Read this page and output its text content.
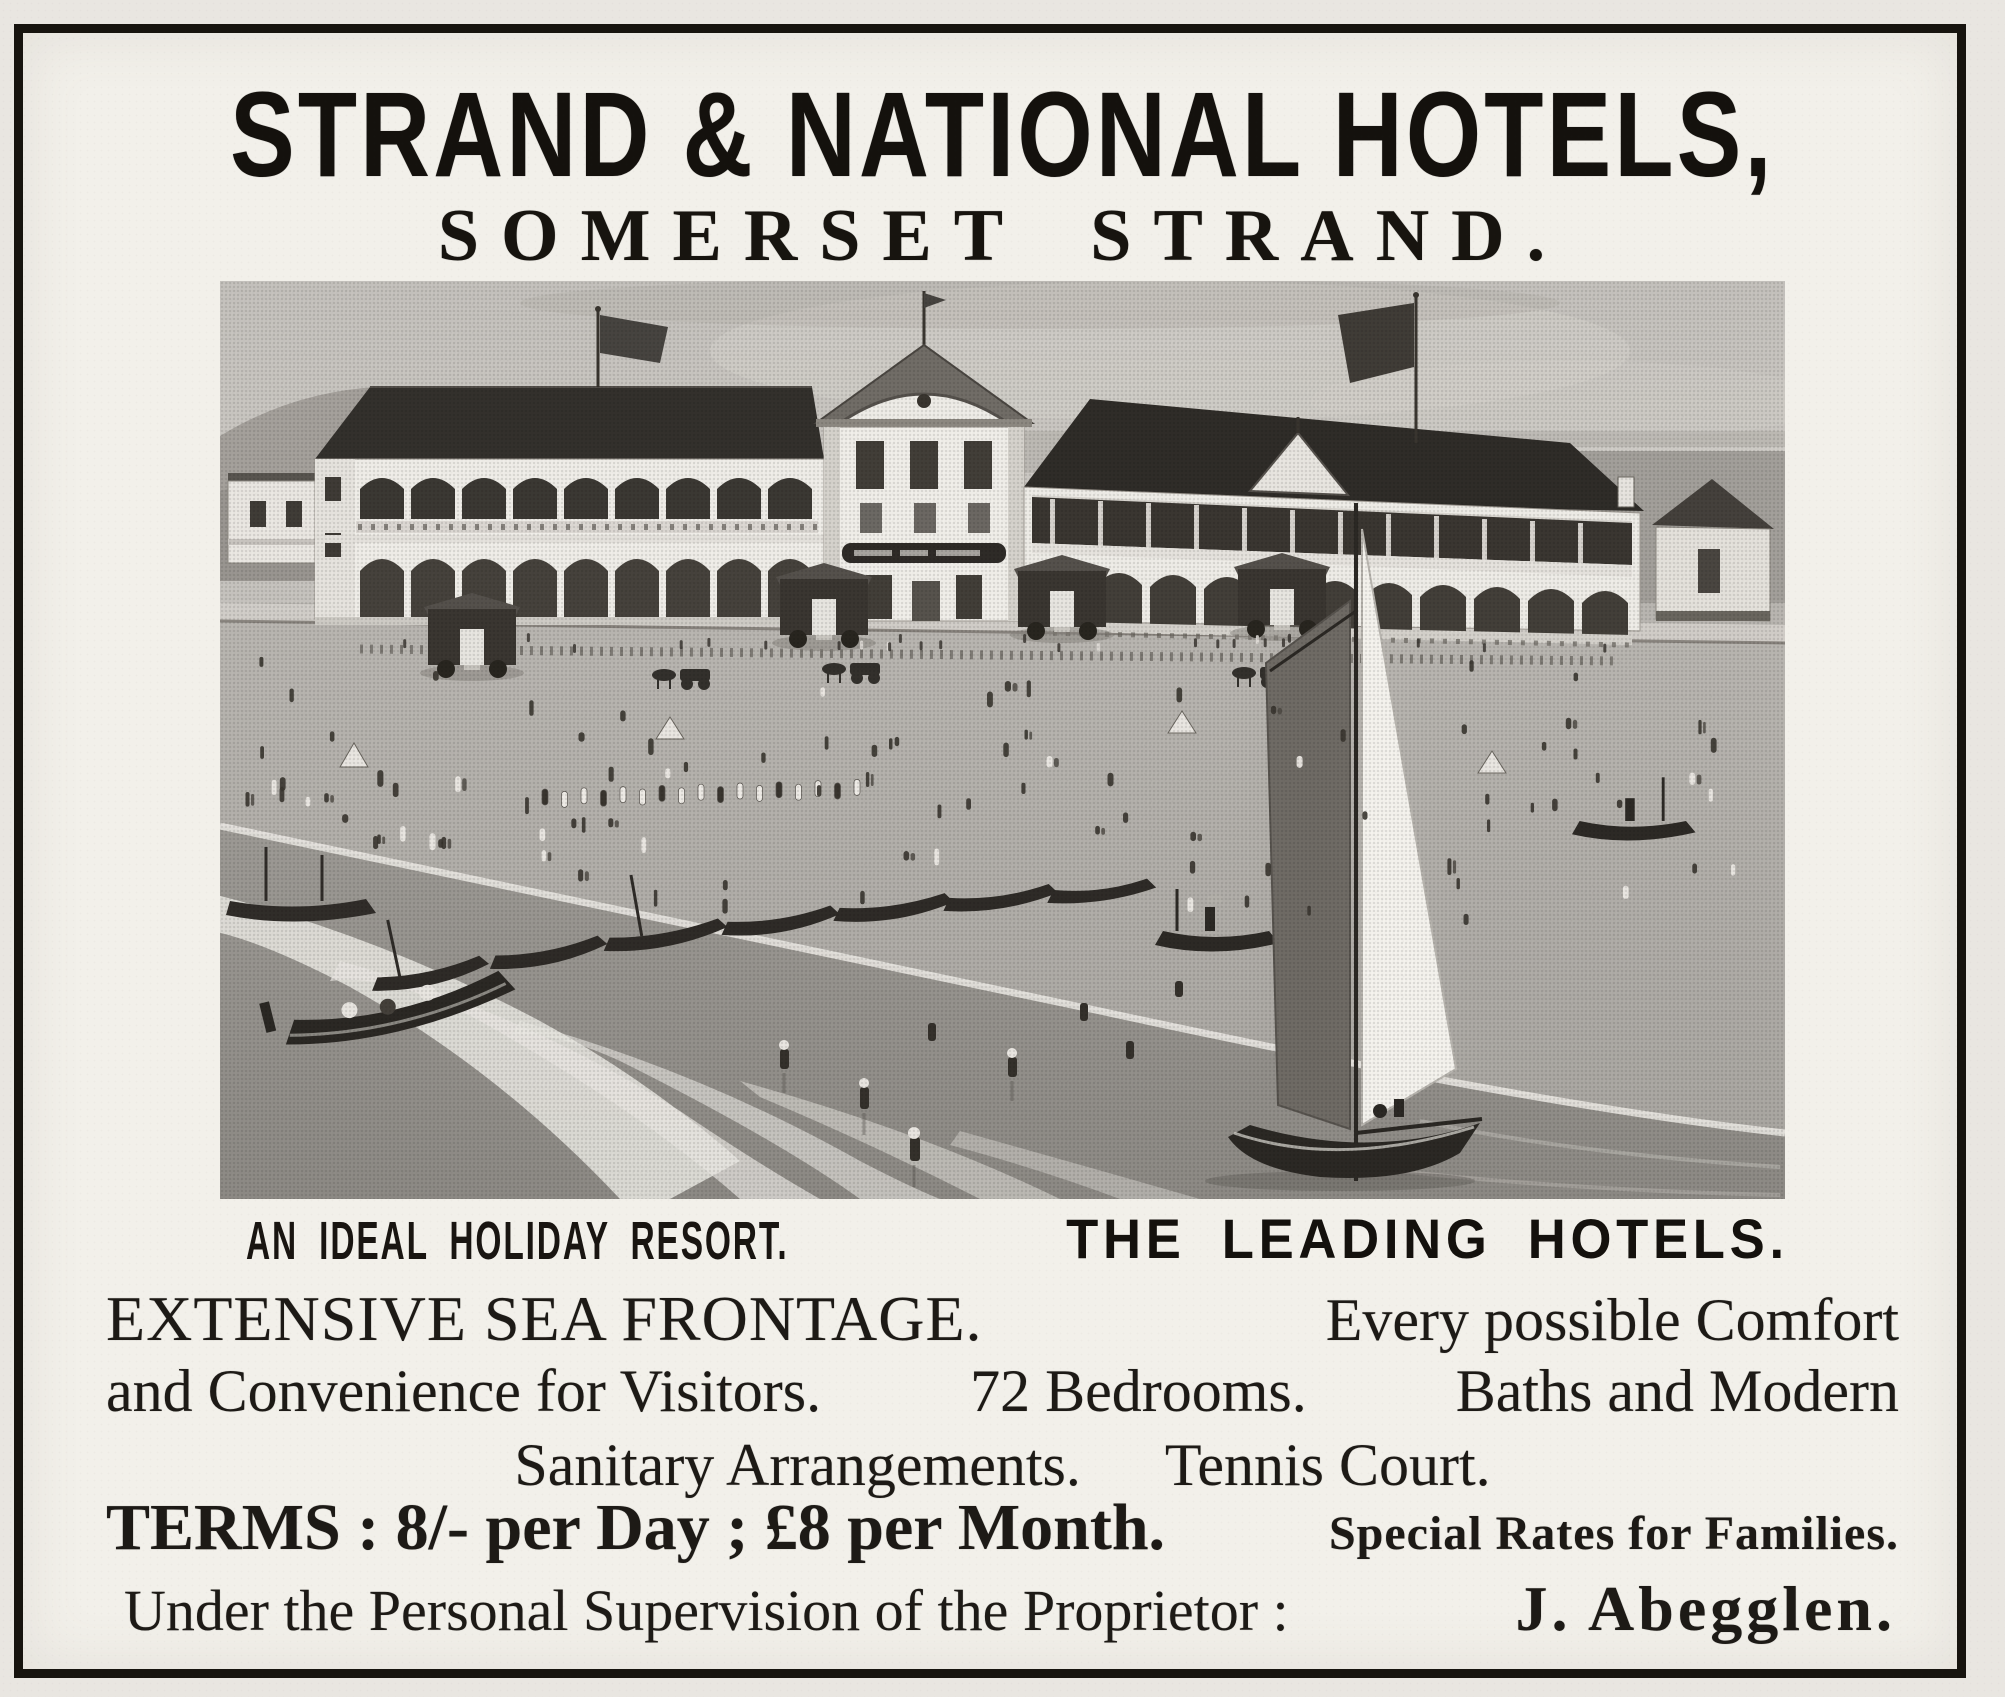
STRAND & NATIONAL HOTELS,
SOMERSET STRAND.
AN IDEAL HOLIDAY RESORT.	THE LEADING HOTELS.
EXTENSIVE SEA FRONTAGE.	Every possible Comfort
and Convenience for Visitors. 72 Bedrooms. Baths and Modern
Sanitary Arrangements. Tennis Court.
TERMS : 8/- per Day ; £8 per Month.	Special Rates for Families.
Under the Personal Supervision of the Proprietor :	J. Abegglen.
